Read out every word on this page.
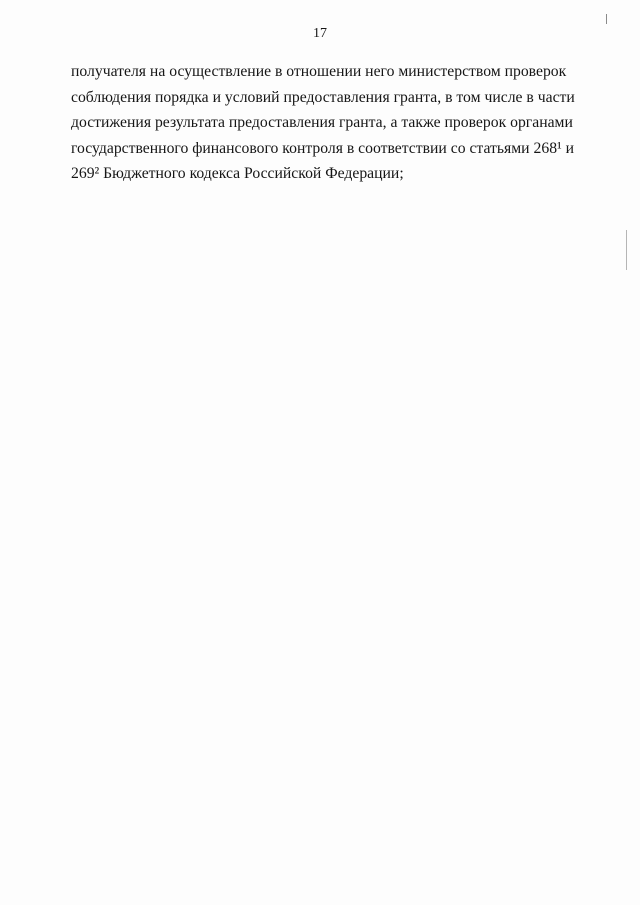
17
получателя на осуществление в отношении него министерством проверок
соблюдения порядка и условий предоставления гранта, в том числе в части
достижения результата предоставления гранта, а также проверок органами
государственного финансового контроля в соответствии со статьями 268¹ и
269² Бюджетного кодекса Российской Федерации;
